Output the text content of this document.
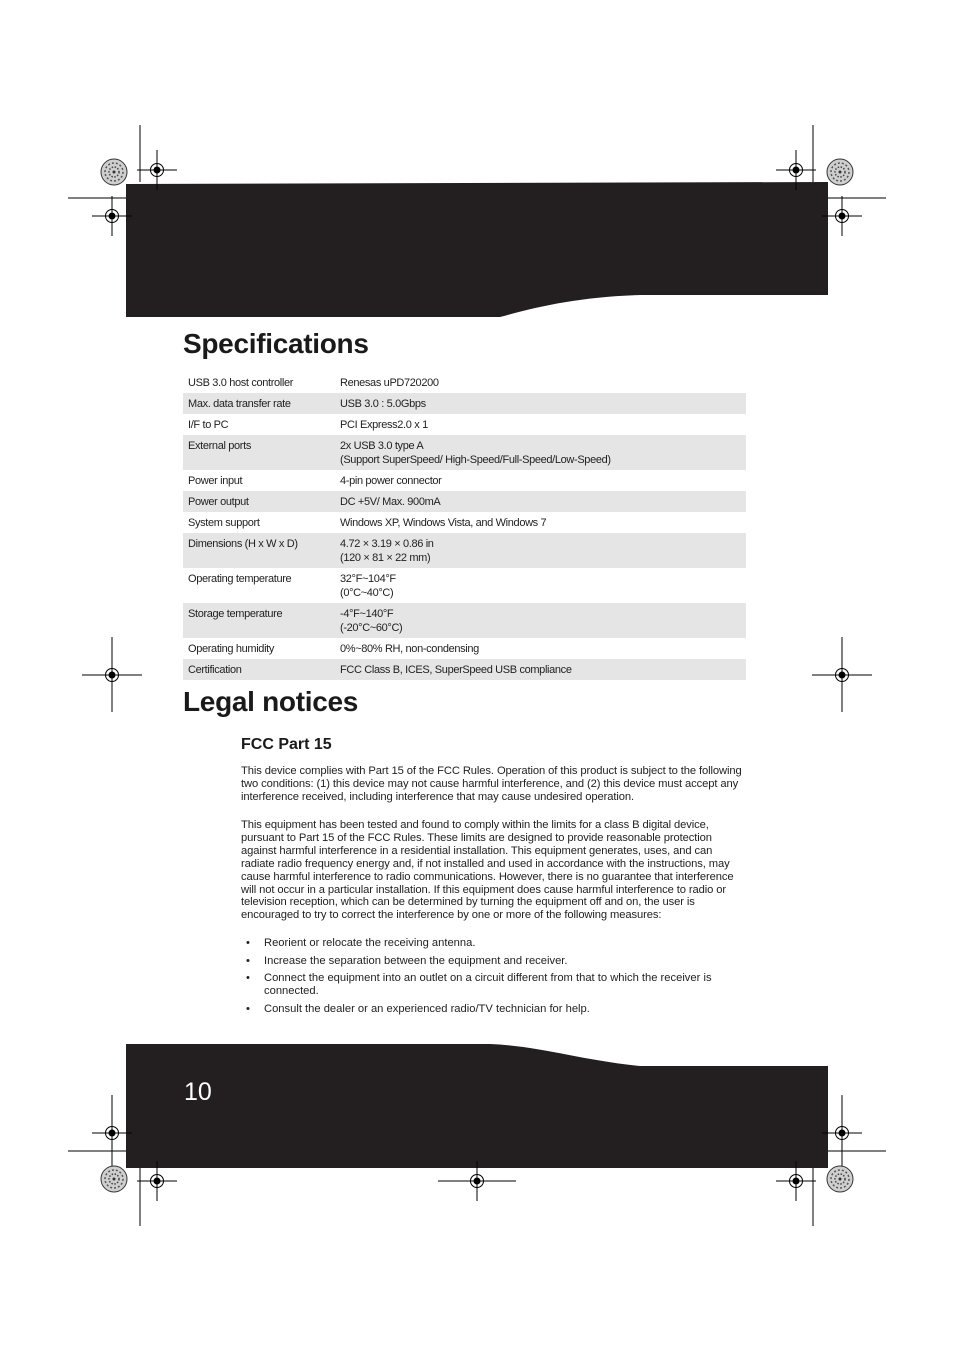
Specifications
USB 3.0 host controller	Renesas uPD720200

Max. data transfer rate	USB 3.0 : 5.0Gbps

I/F to PC	PCI Express2.0 x 1

External ports	2x USB 3.0 type A
(Support SuperSpeed/ High-Speed/Full-Speed/Low-Speed)

Power input	4-pin power connector

Power output	DC +5V/ Max. 900mA

System support	Windows XP, Windows Vista, and Windows 7

Dimensions (H x W x D)	4.72 × 3.19 × 0.86 in
(120 × 81 × 22 mm)

Operating temperature	32°F~104°F
(0°C~40°C)

Storage temperature	-4°F~140°F
(-20°C~60°C)

Operating humidity	0%~80% RH, non-condensing

Certification	FCC Class B, ICES, SuperSpeed USB compliance
Legal notices
FCC Part 15

This device complies with Part 15 of the FCC Rules. Operation of this product is subject to the following two conditions: (1) this device may not cause harmful interference, and (2) this device must accept any interference received, including interference that may cause undesired operation.

This equipment has been tested and found to comply within the limits for a class B digital device, pursuant to Part 15 of the FCC Rules. These limits are designed to provide reasonable protection against harmful interference in a residential installation. This equipment generates, uses, and can radiate radio frequency energy and, if not installed and used in accordance with the instructions, may cause harmful interference to radio communications. However, there is no guarantee that interference will not occur in a particular installation. If this equipment does cause harmful interference to radio or television reception, which can be determined by turning the equipment off and on, the user is encouraged to try to correct the interference by one or more of the following measures:

• Reorient or relocate the receiving antenna.
• Increase the separation between the equipment and receiver.
• Connect the equipment into an outlet on a circuit different from that to which the receiver is connected.
• Consult the dealer or an experienced radio/TV technician for help.
10
